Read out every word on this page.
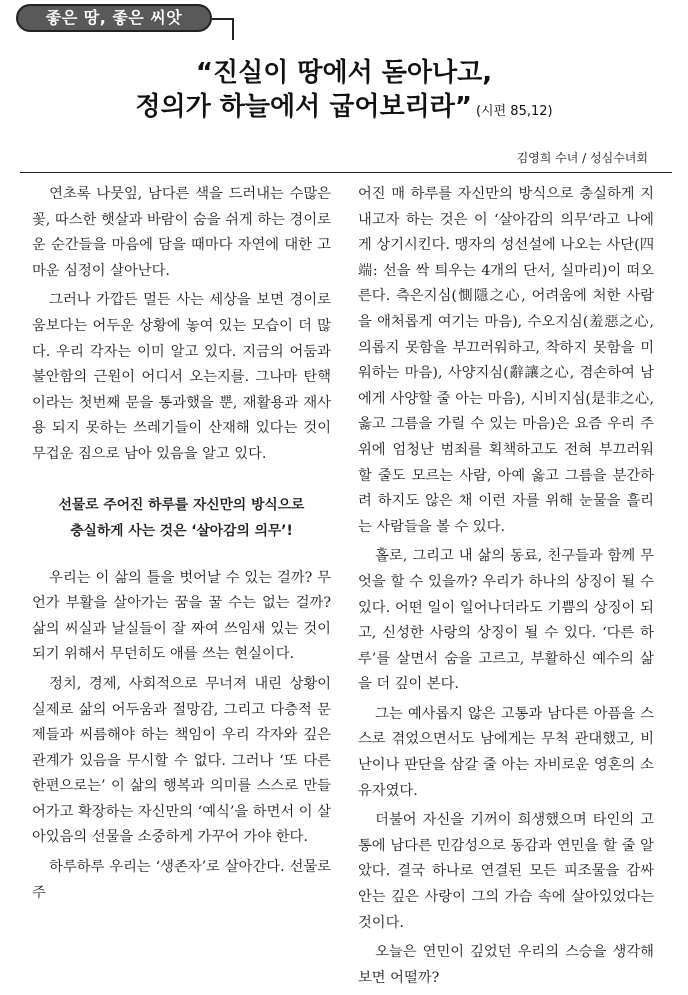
좋은 땅, 좋은 씨앗
“진실이 땅에서 돋아나고,
정의가 하늘에서 굽어보리라” (시편 85,12)
김영희 수녀 / 성심수녀회

연초록 나뭇잎, 남다른 색을 드러내는 수많은 꽃, 따스한 햇살과 바람이 숨을 쉬게 하는 경이로운 순간들을 마음에 담을 때마다 자연에 대한 고마운 심정이 살아난다.

그러나 가깝든 멀든 사는 세상을 보면 경이로움보다는 어두운 상황에 놓여 있는 모습이 더 많다. 우리 각자는 이미 알고 있다. 지금의 어둠과 불안함의 근원이 어디서 오는지를. 그나마 탄핵이라는 첫번째 문을 통과했을 뿐, 재활용과 재사용 되지 못하는 쓰레기들이 산재해 있다는 것이 무겁운 짐으로 남아 있음을 알고 있다.

선물로 주어진 하루를 자신만의 방식으로
충실하게 사는 것은 ‘살아감의 의무’!

우리는 이 삶의 틀을 벗어날 수 있는 걸까? 무언가 부활을 살아가는 꿈을 꿀 수는 없는 걸까? 삶의 씨실과 날실들이 잘 짜여 쓰임새 있는 것이 되기 위해서 무던히도 애를 쓰는 현실이다.

정치, 경제, 사회적으로 무너져 내린 상황이 실제로 삶의 어두움과 절망감, 그리고 다층적 문제들과 씨름해야 하는 책임이 우리 각자와 깊은 관계가 있음을 무시할 수 없다. 그러나 ‘또 다른 한편으로는’ 이 삶의 행복과 의미를 스스로 만들어가고 확장하는 자신만의 ‘예식’을 하면서 이 살아있음의 선물을 소중하게 가꾸어 가야 한다.

하루하루 우리는 ‘생존자’로 살아간다. 선물로 주

어진 매 하루를 자신만의 방식으로 충실하게 지내고자 하는 것은 이 ‘살아감의 의무’라고 나에게 상기시킨다. 맹자의 성선설에 나오는 사단(四端: 선을 싹 틔우는 4개의 단서, 실마리)이 떠오른다. 측은지심(惻隱之心, 어려움에 처한 사람을 애처롭게 여기는 마음), 수오지심(羞惡之心, 의롭지 못함을 부끄러워하고, 착하지 못함을 미워하는 마음), 사양지심(辭讓之心, 겸손하여 남에게 사양할 줄 아는 마음), 시비지심(是非之心, 옳고 그름을 가릴 수 있는 마음)은 요즘 우리 주위에 엄청난 범죄를 획책하고도 전혀 부끄러워할 줄도 모르는 사람, 아예 옳고 그름을 분간하려 하지도 않은 채 이런 자를 위해 눈물을 흘리는 사람들을 볼 수 있다.

홀로, 그리고 내 삶의 동료, 친구들과 함께 무엇을 할 수 있을까? 우리가 하나의 상징이 될 수 있다. 어떤 일이 일어나더라도 기쁨의 상징이 되고, 신성한 사랑의 상징이 될 수 있다. ‘다른 하루’를 살면서 숨을 고르고, 부활하신 예수의 삶을 더 깊이 본다.

그는 예사롭지 않은 고통과 남다른 아픔을 스스로 겪었으면서도 남에게는 무척 관대했고, 비난이나 판단을 삼갈 줄 아는 자비로운 영혼의 소유자였다.

더불어 자신을 기꺼이 희생했으며 타인의 고통에 남다른 민감성으로 동감과 연민을 할 줄 알았다. 결국 하나로 연결된 모든 피조물을 감싸 안는 깊은 사랑이 그의 가슴 속에 살아있었다는 것이다.

오늘은 연민이 깊었던 우리의 스승을 생각해 보면 어떨까?
